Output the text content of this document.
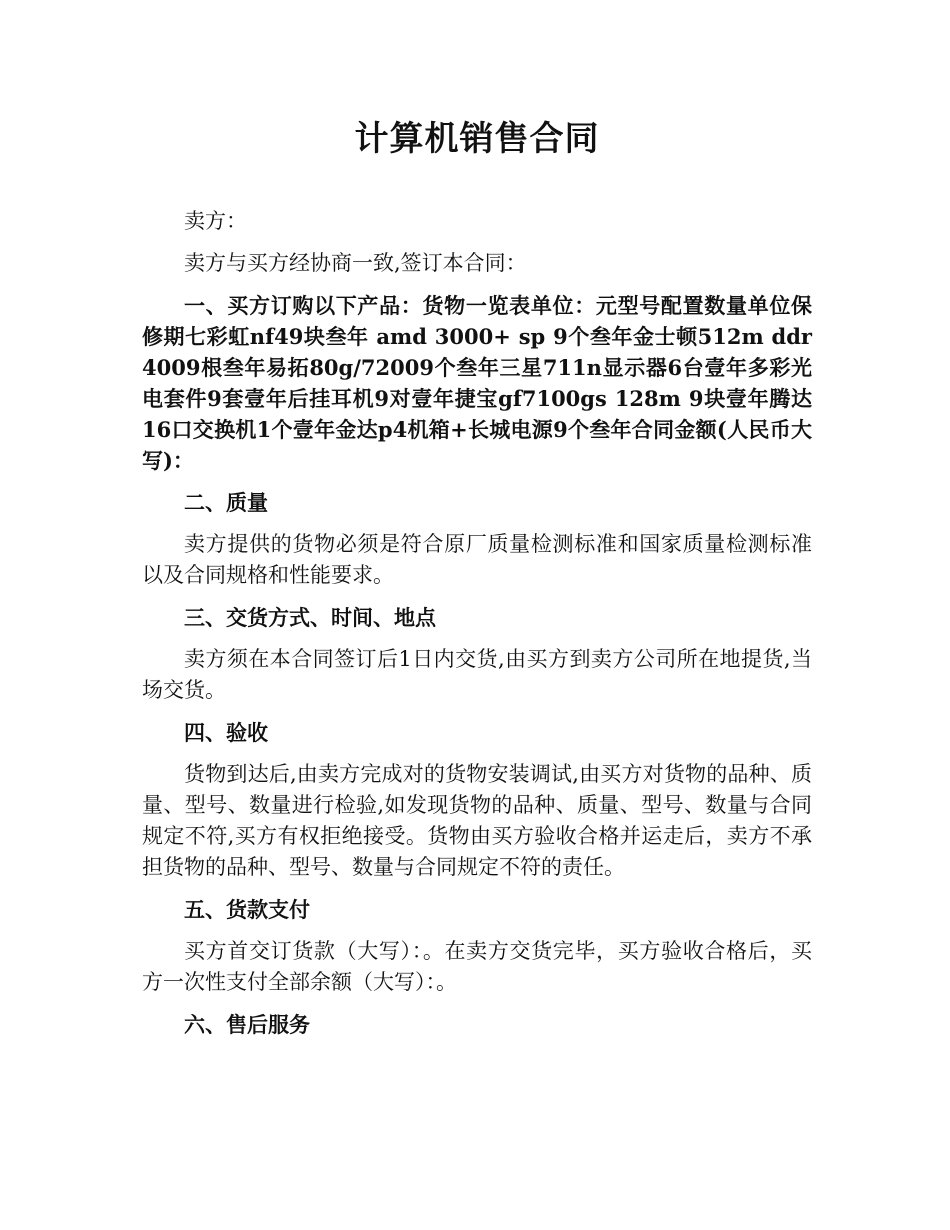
计算机销售合同

卖方：

卖方与买方经协商一致,签订本合同：

一、买方订购以下产品：货物一览表单位：元型号配置数量单位保修期七彩虹nf49块叁年 amd 3000+ sp 9个叁年金士顿512m ddr 4009根叁年易拓80g/72009个叁年三星711n显示器6台壹年多彩光电套件9套壹年后挂耳机9对壹年捷宝gf7100gs 128m 9块壹年腾达16口交换机1个壹年金达p4机箱+长城电源9个叁年合同金额(人民币大写)：

二、质量

卖方提供的货物必须是符合原厂质量检测标准和国家质量检测标准以及合同规格和性能要求。

三、交货方式、时间、地点

卖方须在本合同签订后1日内交货,由买方到卖方公司所在地提货,当场交货。

四、验收

货物到达后,由卖方完成对的货物安装调试,由买方对货物的品种、质量、型号、数量进行检验,如发现货物的品种、质量、型号、数量与合同规定不符,买方有权拒绝接受。货物由买方验收合格并运走后，卖方不承担货物的品种、型号、数量与合同规定不符的责任。

五、货款支付

买方首交订货款（大写）：。在卖方交货完毕，买方验收合格后，买方一次性支付全部余额（大写）：。

六、售后服务
